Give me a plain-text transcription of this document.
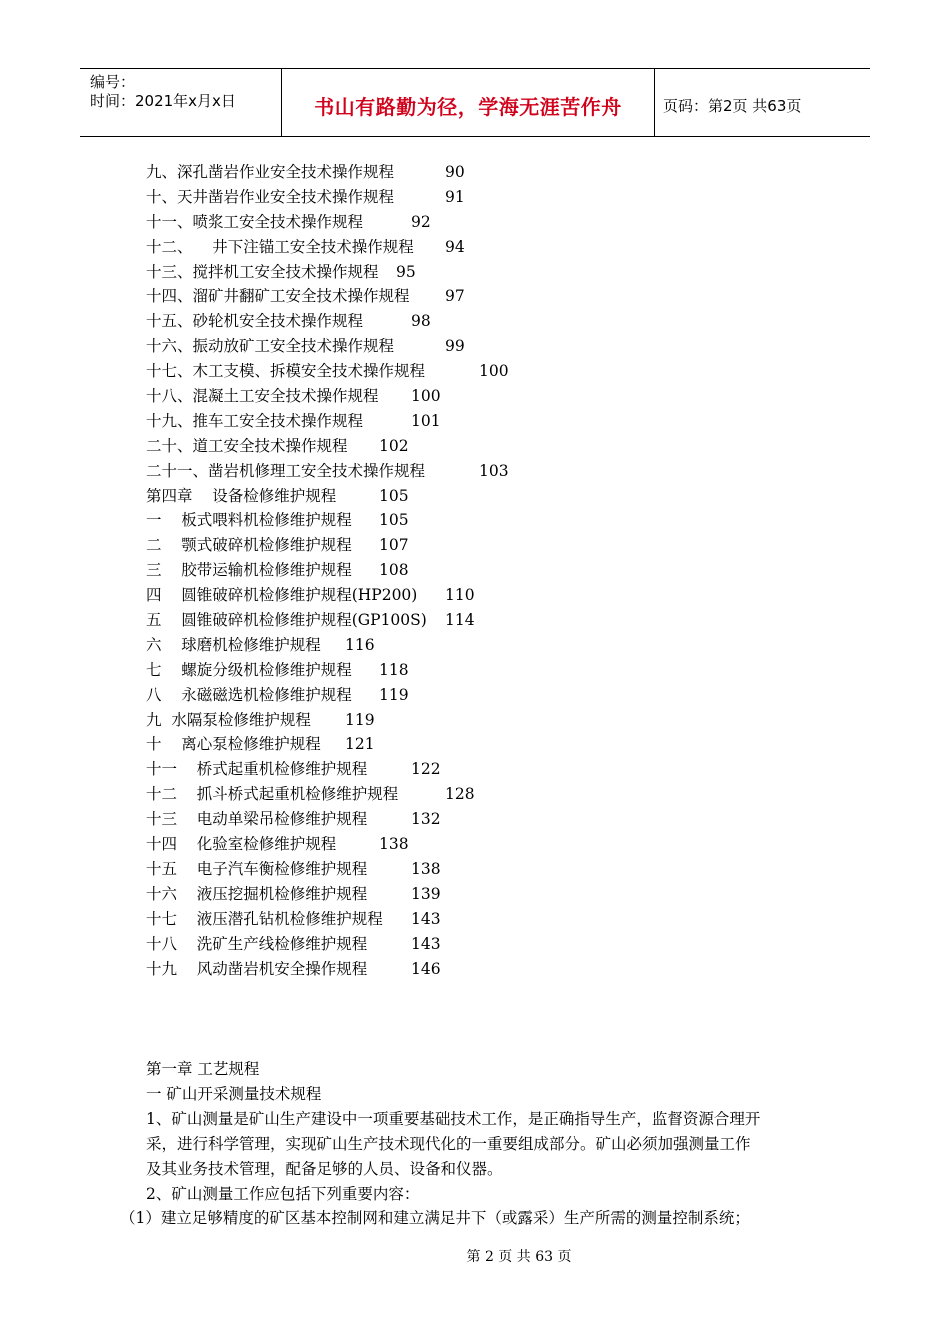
编号：
时间：2021年x月x日	书山有路勤为径，学海无涯苦作舟	页码：第2页 共63页
九、深孔凿岩作业安全技术操作规程	90
十、天井凿岩作业安全技术操作规程	91
十一、喷浆工安全技术操作规程	92
十二、    井下注锚工安全技术操作规程 94
十三、搅拌机工安全技术操作规程 95
十四、溜矿井翻矿工安全技术操作规程 97
十五、砂轮机安全技术操作规程	98
十六、振动放矿工安全技术操作规程	99
十七、木工支模、拆模安全技术操作规程	100
十八、混凝土工安全技术操作规程 100
十九、推车工安全技术操作规程	101
二十、道工安全技术操作规程 102
二十一、凿岩机修理工安全技术操作规程	103
第四章    设备检修维护规程	105
一    板式喂料机检修维护规程 105
二    颚式破碎机检修维护规程 107
三    胶带运输机检修维护规程 108
四    圆锥破碎机检修维护规程(HP200) 110
五    圆锥破碎机检修维护规程(GP100S) 114
六    球磨机检修维护规程 116
七    螺旋分级机检修维护规程 118
八    永磁磁选机检修维护规程 119
九  水隔泵检修维护规程 119
十    离心泵检修维护规程 121
十一    桥式起重机检修维护规程	122
十二    抓斗桥式起重机检修维护规程	128
十三    电动单梁吊检修维护规程	132
十四    化验室检修维护规程	138
十五    电子汽车衡检修维护规程	138
十六    液压挖掘机检修维护规程	139
十七    液压潜孔钻机检修维护规程 143
十八    洗矿生产线检修维护规程	143
十九    风动凿岩机安全操作规程	146
第一章 工艺规程
一 矿山开采测量技术规程
1、矿山测量是矿山生产建设中一项重要基础技术工作，是正确指导生产，监督资源合理开
采，进行科学管理，实现矿山生产技术现代化的一重要组成部分。矿山必须加强测量工作
及其业务技术管理，配备足够的人员、设备和仪器。
2、矿山测量工作应包括下列重要内容：
（1）建立足够精度的矿区基本控制网和建立满足井下（或露采）生产所需的测量控制系统；
第 2 页 共 63 页
